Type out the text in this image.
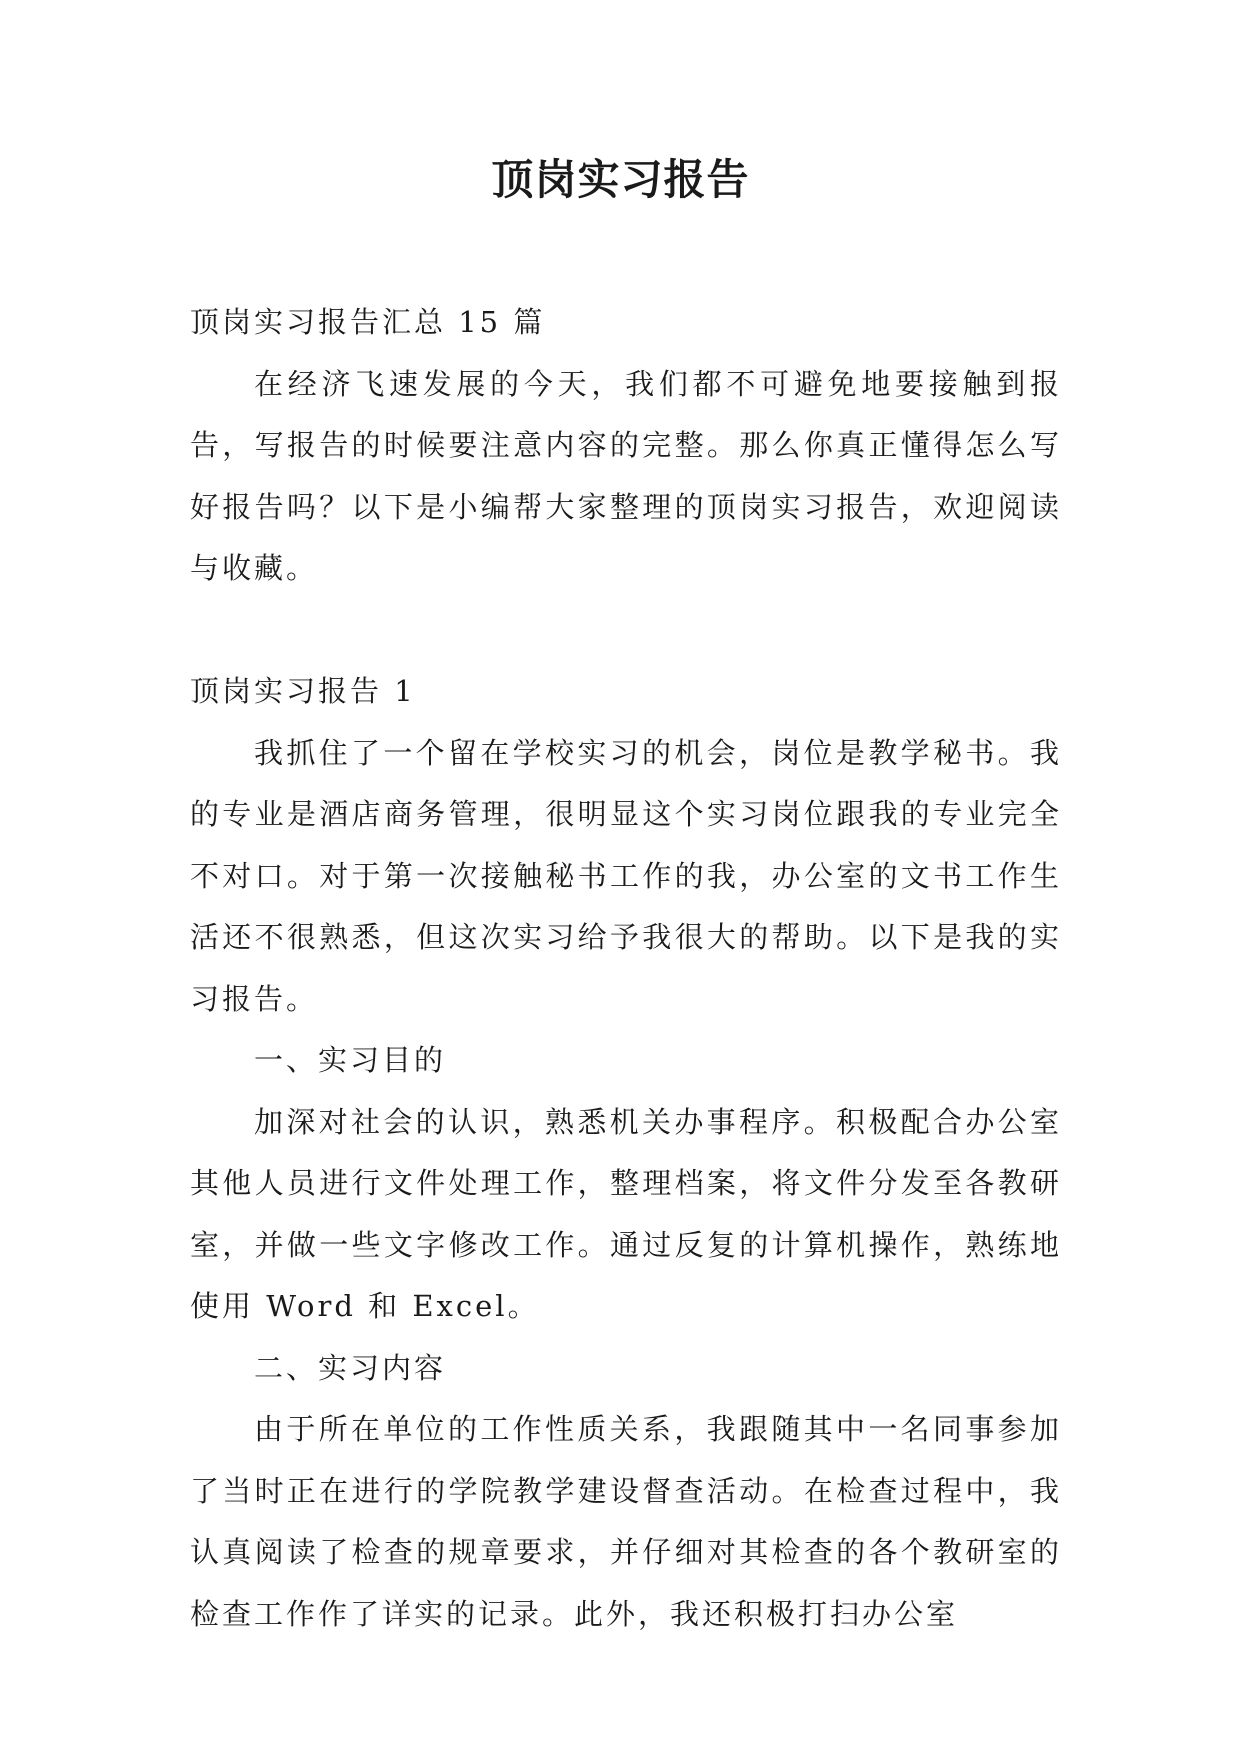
顶岗实习报告

顶岗实习报告汇总 15 篇

在经济飞速发展的今天，我们都不可避免地要接触到报告，写报告的时候要注意内容的完整。那么你真正懂得怎么写好报告吗？以下是小编帮大家整理的顶岗实习报告，欢迎阅读与收藏。

顶岗实习报告 1

我抓住了一个留在学校实习的机会，岗位是教学秘书。我的专业是酒店商务管理，很明显这个实习岗位跟我的专业完全不对口。对于第一次接触秘书工作的我，办公室的文书工作生活还不很熟悉，但这次实习给予我很大的帮助。以下是我的实习报告。

一、实习目的

加深对社会的认识，熟悉机关办事程序。积极配合办公室其他人员进行文件处理工作，整理档案，将文件分发至各教研室，并做一些文字修改工作。通过反复的计算机操作，熟练地使用 Word 和 Excel。

二、实习内容

由于所在单位的工作性质关系，我跟随其中一名同事参加了当时正在进行的学院教学建设督查活动。在检查过程中，我认真阅读了检查的规章要求，并仔细对其检查的各个教研室的检查工作作了详实的记录。此外，我还积极打扫办公室
